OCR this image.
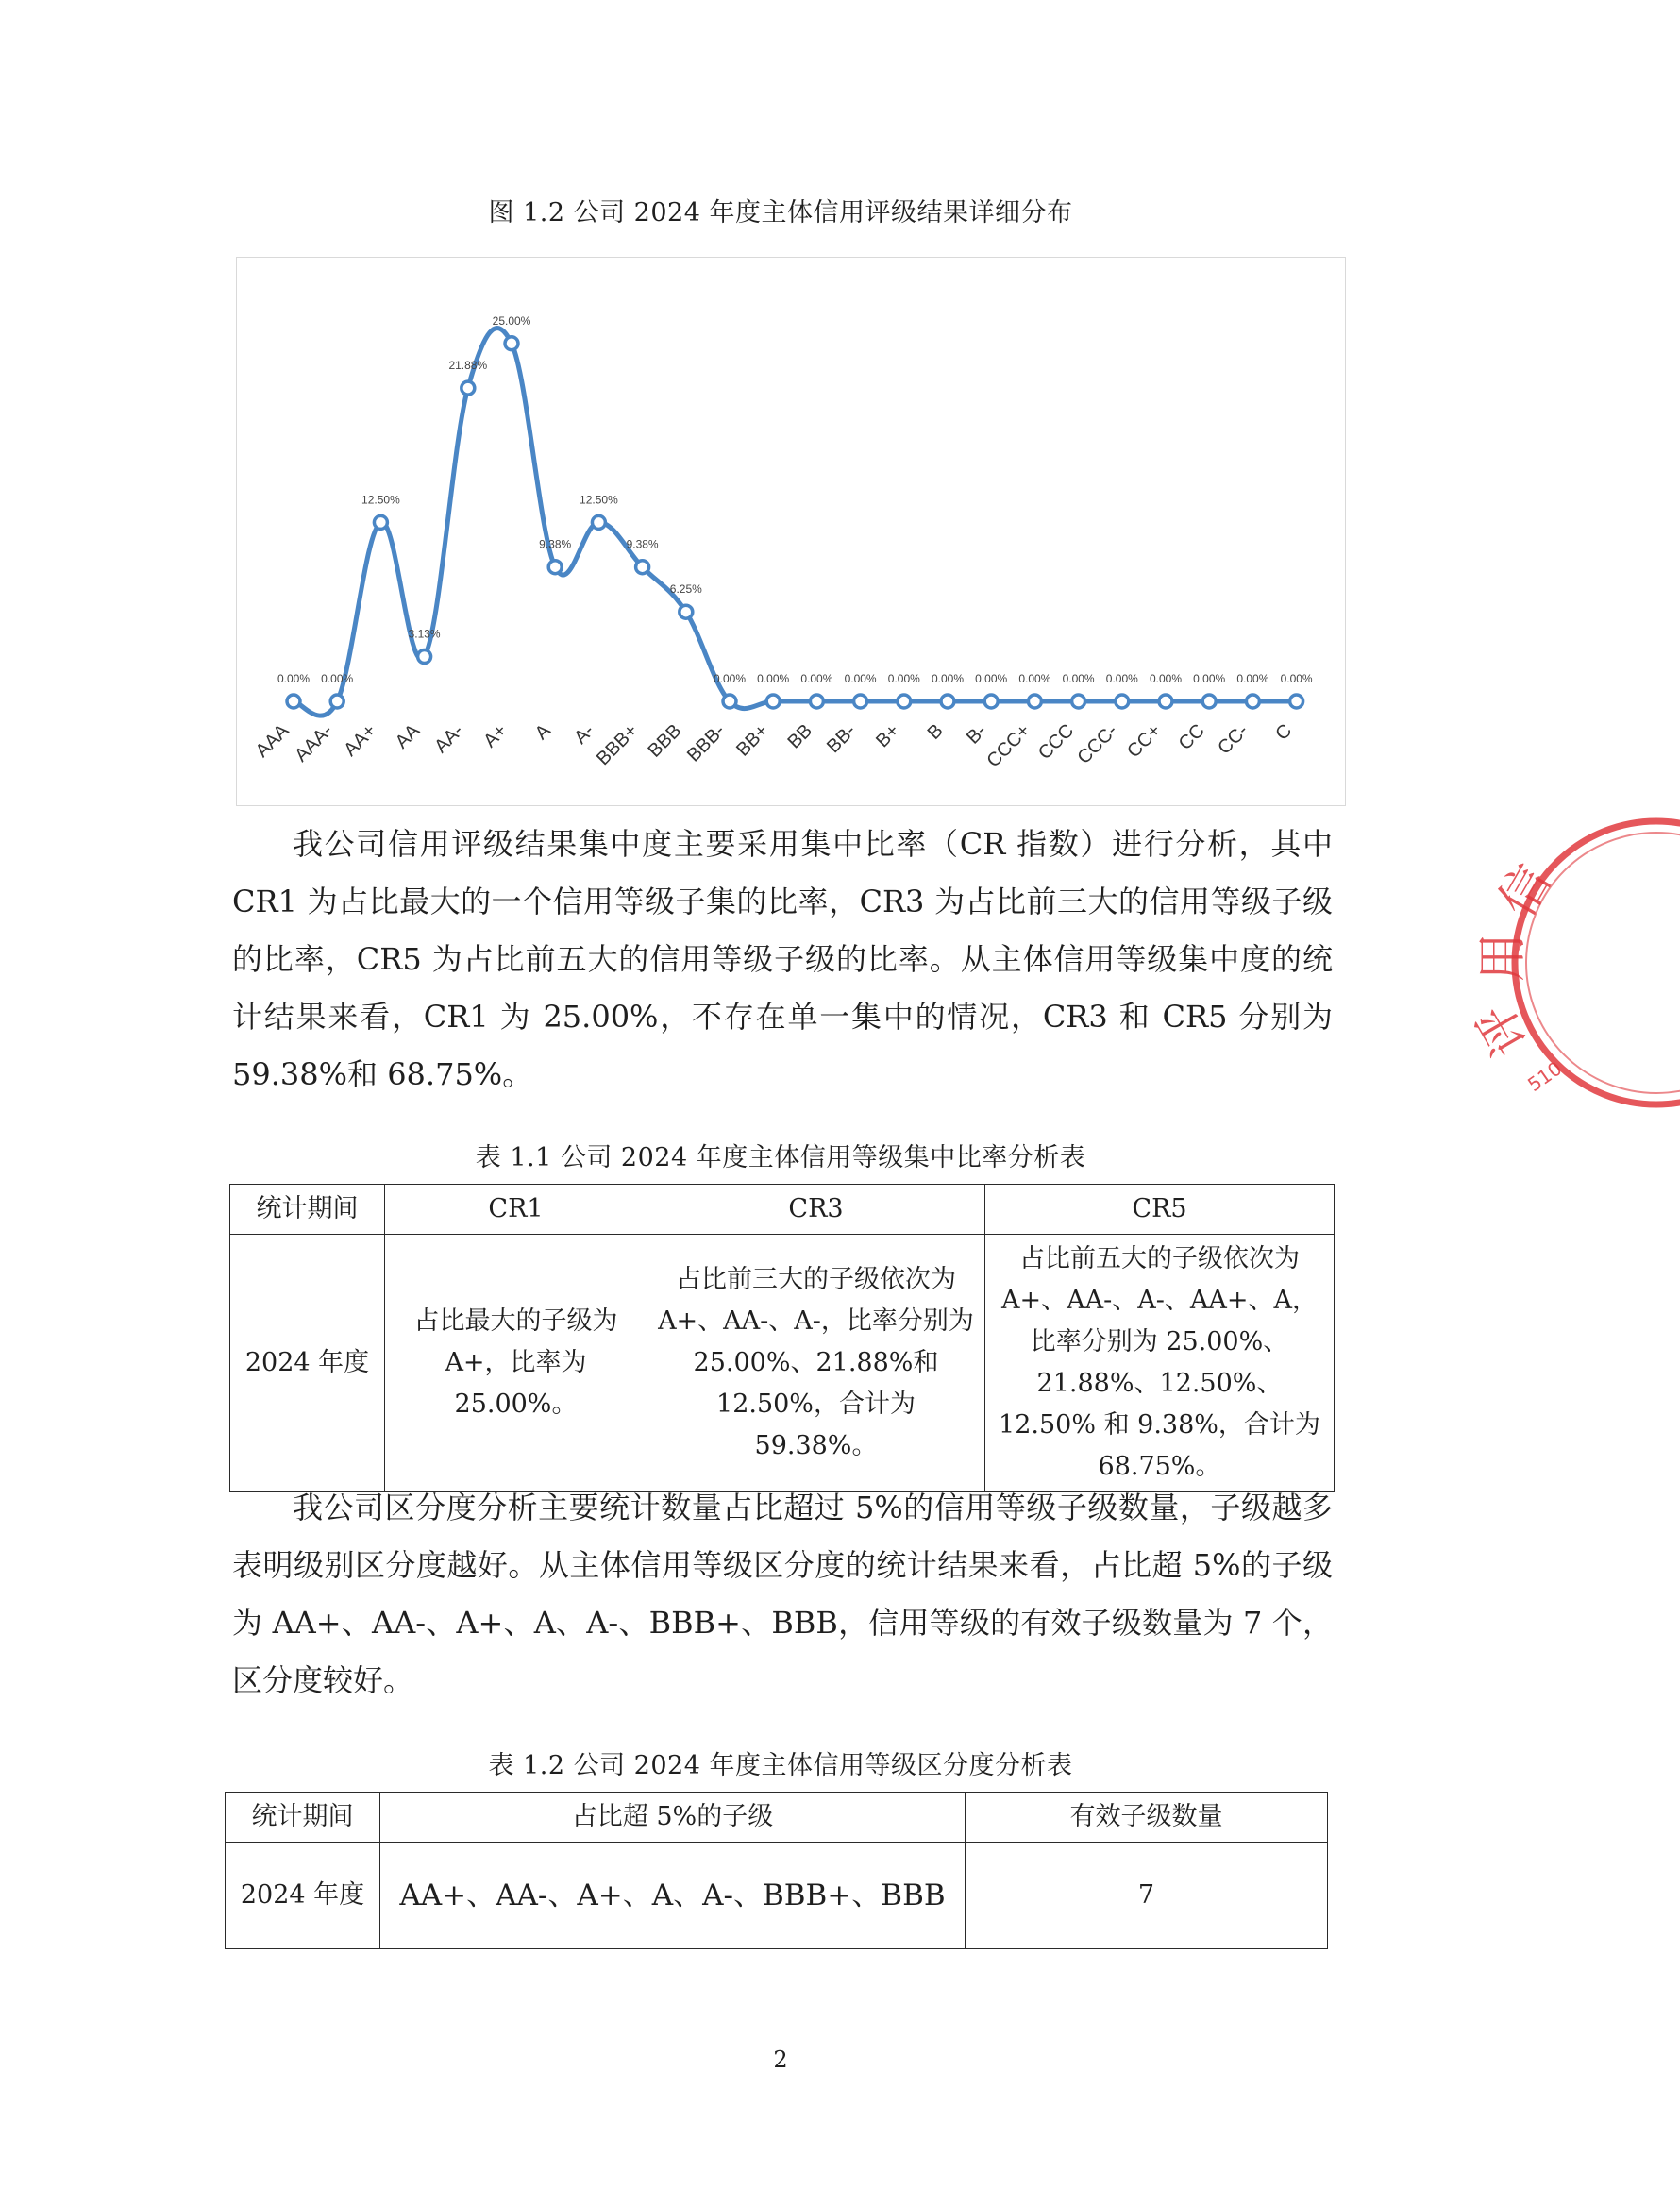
图 1.2 公司 2024 年度主体信用评级结果详细分布
0.00%
AAA
0.00%
AAA-
12.50%
AA+
3.13%
AA
21.88%
AA-
25.00%
A+
9.38%
A
12.50%
A-
9.38%
BBB+
6.25%
BBB
0.00%
BBB-
0.00%
BB+
0.00%
BB
0.00%
BB-
0.00%
B+
0.00%
B
0.00%
B-
0.00%
CCC+
0.00%
CCC
0.00%
CCC-
0.00%
CC+
0.00%
CC
0.00%
CC-
0.00%
C

我公司信用评级结果集中度主要采用集中比率（CR 指数）进行分析，其中 CR1 为占比最大的一个信用等级子集的比率，CR3 为占比前三大的信用等级子级的比率，CR5 为占比前五大的信用等级子级的比率。从主体信用等级集中度的统计结果来看，CR1 为 25.00%，不存在单一集中的情况，CR3 和 CR5 分别为 59.38%和 68.75%。

表 1.1 公司 2024 年度主体信用等级集中比率分析表
统计期间	CR1	CR3	CR5
2024 年度	占比最大的子级为 A+，比率为 25.00%。	占比前三大的子级依次为 A+、AA-、A-，比率分别为 25.00%、21.88%和 12.50%，合计为 59.38%。	占比前五大的子级依次为 A+、AA-、A-、AA+、A，比率分别为 25.00%、21.88%、12.50%、12.50% 和 9.38%，合计为 68.75%。

我公司区分度分析主要统计数量占比超过 5%的信用等级子级数量，子级越多表明级别区分度越好。从主体信用等级区分度的统计结果来看，占比超 5%的子级为 AA+、AA-、A+、A、A-、BBB+、BBB，信用等级的有效子级数量为 7 个，区分度较好。

表 1.2 公司 2024 年度主体信用等级区分度分析表
统计期间	占比超 5%的子级	有效子级数量
2024 年度	AA+、AA-、A+、A、A-、BBB+、BBB	7
2
信
用
评
510
